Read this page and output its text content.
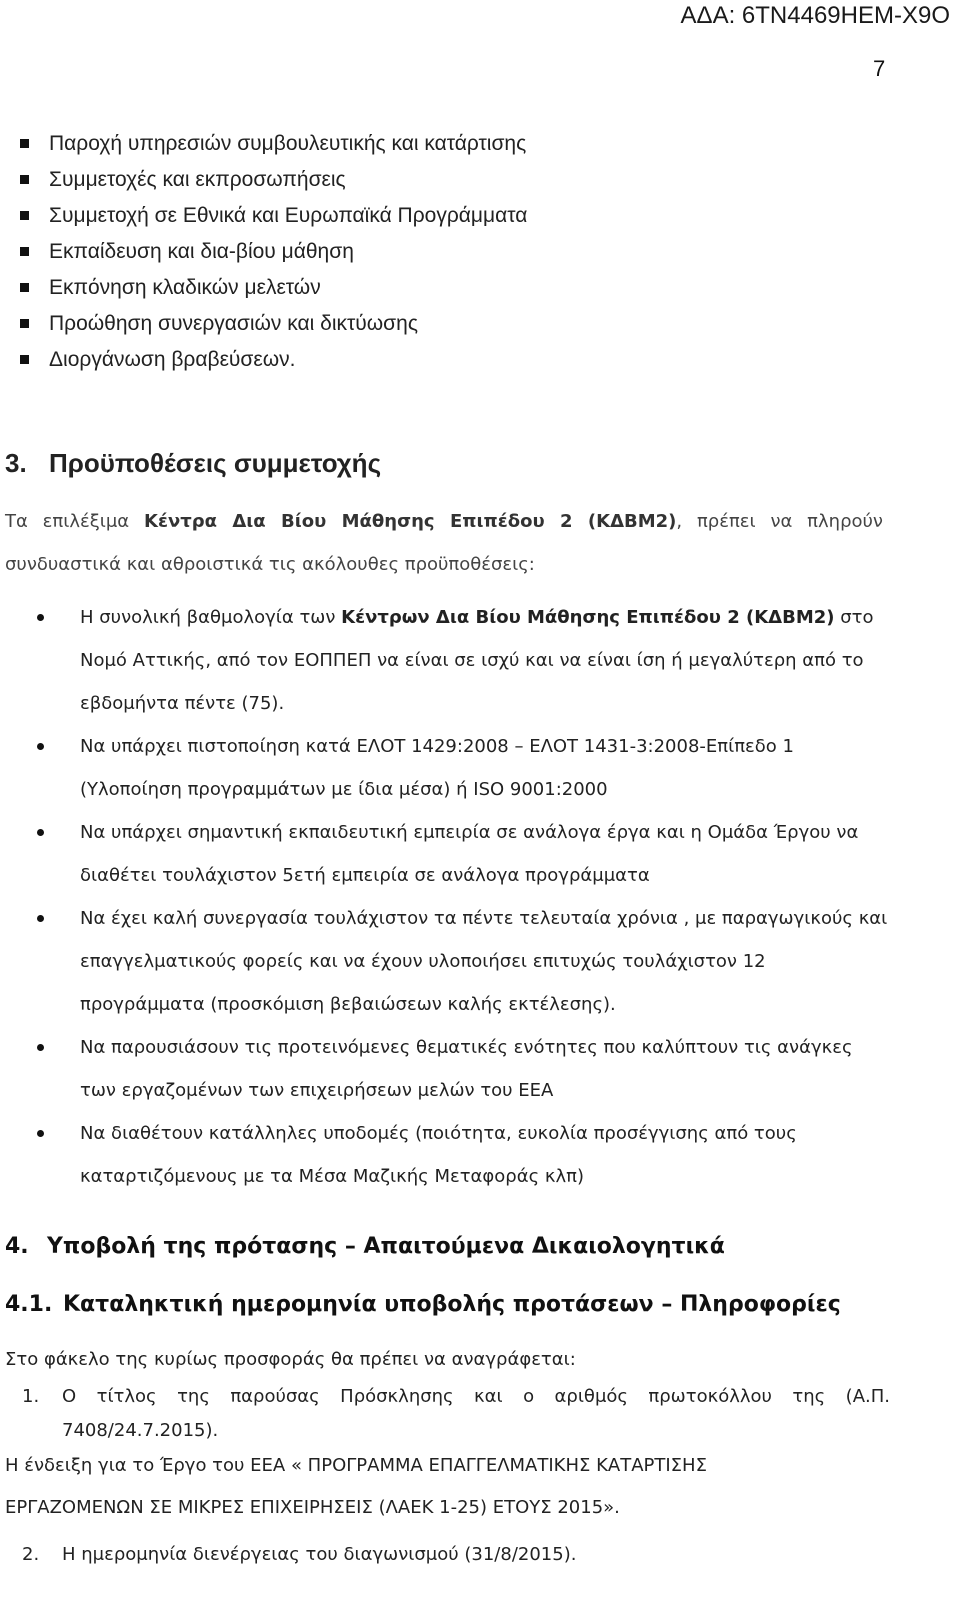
ΑΔΑ: 6ΤΝ4469ΗΕΜ-Χ9Ο
7
Παροχή υπηρεσιών συμβουλευτικής και κατάρτισης
Συμμετοχές και εκπροσωπήσεις
Συμμετοχή σε Εθνικά και Ευρωπαϊκά Προγράμματα
Εκπαίδευση και δια-βίου μάθηση
Εκπόνηση κλαδικών μελετών
Προώθηση συνεργασιών και δικτύωσης
Διοργάνωση βραβεύσεων.
3. Προϋποθέσεις συμμετοχής
Τα επιλέξιμα Κέντρα Δια Βίου Μάθησης Επιπέδου 2 (ΚΔΒΜ2), πρέπει να πληρούν
συνδυαστικά και αθροιστικά τις ακόλουθες προϋποθέσεις:
Η συνολική βαθμολογία των Κέντρων Δια Βίου Μάθησης Επιπέδου 2 (ΚΔΒΜ2) στο Νομό Αττικής, από τον ΕΟΠΠΕΠ να είναι σε ισχύ και να είναι ίση ή μεγαλύτερη από το εβδομήντα πέντε (75).
Να υπάρχει πιστοποίηση κατά ΕΛΟΤ 1429:2008 – ΕΛΟΤ 1431-3:2008-Επίπεδο 1 (Υλοποίηση προγραμμάτων με ίδια μέσα) ή ISO 9001:2000
Να υπάρχει σημαντική εκπαιδευτική εμπειρία σε ανάλογα έργα και η Ομάδα Έργου να διαθέτει τουλάχιστον 5ετή εμπειρία σε ανάλογα προγράμματα
Να έχει καλή συνεργασία τουλάχιστον τα πέντε τελευταία χρόνια , με παραγωγικούς και επαγγελματικούς φορείς και να έχουν υλοποιήσει επιτυχώς τουλάχιστον 12 προγράμματα (προσκόμιση βεβαιώσεων καλής εκτέλεσης).
Να παρουσιάσουν τις προτεινόμενες θεματικές ενότητες που καλύπτουν τις ανάγκες των εργαζομένων των επιχειρήσεων μελών του ΕΕΑ
Να διαθέτουν κατάλληλες υποδομές (ποιότητα, ευκολία προσέγγισης από τους καταρτιζόμενους με τα Μέσα Μαζικής Μεταφοράς κλπ)
4. Υποβολή της πρότασης – Απαιτούμενα Δικαιολογητικά
4.1. Καταληκτική ημερομηνία υποβολής προτάσεων – Πληροφορίες
Στο φάκελο της κυρίως προσφοράς θα πρέπει να αναγράφεται:
1. Ο τίτλος της παρούσας Πρόσκλησης και ο αριθμός πρωτοκόλλου της (Α.Π. 7408/24.7.2015).
Η ένδειξη για το Έργο του ΕΕΑ « ΠΡΟΓΡΑΜΜΑ ΕΠΑΓΓΕΛΜΑΤΙΚΗΣ ΚΑΤΑΡΤΙΣΗΣ
ΕΡΓΑΖΟΜΕΝΩΝ ΣΕ ΜΙΚΡΕΣ ΕΠΙΧΕΙΡΗΣΕΙΣ (ΛΑΕΚ 1-25) ΕΤΟΥΣ 2015».
2. Η ημερομηνία διενέργειας του διαγωνισμού (31/8/2015).
